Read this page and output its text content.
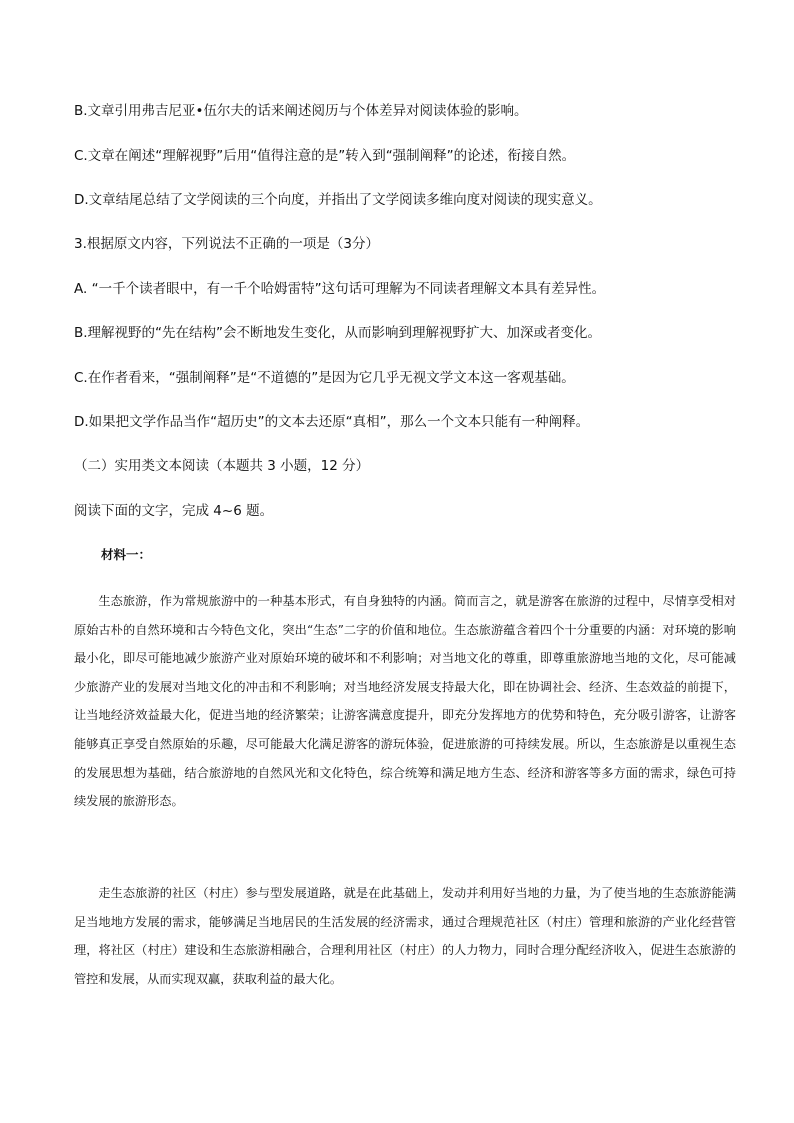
B.文章引用弗吉尼亚•伍尔夫的话来阐述阅历与个体差异对阅读体验的影响。
C.文章在阐述“理解视野”后用“值得注意的是”转入到“强制阐释”的论述，衔接自然。
D.文章结尾总结了文学阅读的三个向度，并指出了文学阅读多维向度对阅读的现实意义。
3.根据原文内容，下列说法不正确的一项是（3分）
A. “一千个读者眼中，有一千个哈姆雷特”这句话可理解为不同读者理解文本具有差异性。
B.理解视野的“先在结构”会不断地发生变化，从而影响到理解视野扩大、加深或者变化。
C.在作者看来，“强制阐释”是“不道德的”是因为它几乎无视文学文本这一客观基础。
D.如果把文学作品当作“超历史”的文本去还原“真相”，那么一个文本只能有一种阐释。
（二）实用类文本阅读（本题共 3 小题，12 分）
阅读下面的文字，完成 4~6 题。
材料一：

生态旅游，作为常规旅游中的一种基本形式，有自身独特的内涵。简而言之，就是游客在旅游的过程中，尽情享受相对原始古朴的自然环境和古今特色文化，突出“生态”二字的价值和地位。生态旅游蕴含着四个十分重要的内涵：对环境的影响最小化，即尽可能地减少旅游产业对原始环境的破坏和不利影响；对当地文化的尊重，即尊重旅游地当地的文化，尽可能减少旅游产业的发展对当地文化的冲击和不利影响；对当地经济发展支持最大化，即在协调社会、经济、生态效益的前提下，让当地经济效益最大化，促进当地的经济繁荣；让游客满意度提升，即充分发挥地方的优势和特色，充分吸引游客，让游客能够真正享受自然原始的乐趣，尽可能最大化满足游客的游玩体验，促进旅游的可持续发展。所以，生态旅游是以重视生态的发展思想为基础，结合旅游地的自然风光和文化特色，综合统筹和满足地方生态、经济和游客等多方面的需求，绿色可持续发展的旅游形态。

走生态旅游的社区（村庄）参与型发展道路，就是在此基础上，发动并利用好当地的力量，为了使当地的生态旅游能满足当地地方发展的需求，能够满足当地居民的生活发展的经济需求，通过合理规范社区（村庄）管理和旅游的产业化经营管理，将社区（村庄）建设和生态旅游相融合，合理利用社区（村庄）的人力物力，同时合理分配经济收入，促进生态旅游的管控和发展，从而实现双赢，获取利益的最大化。
